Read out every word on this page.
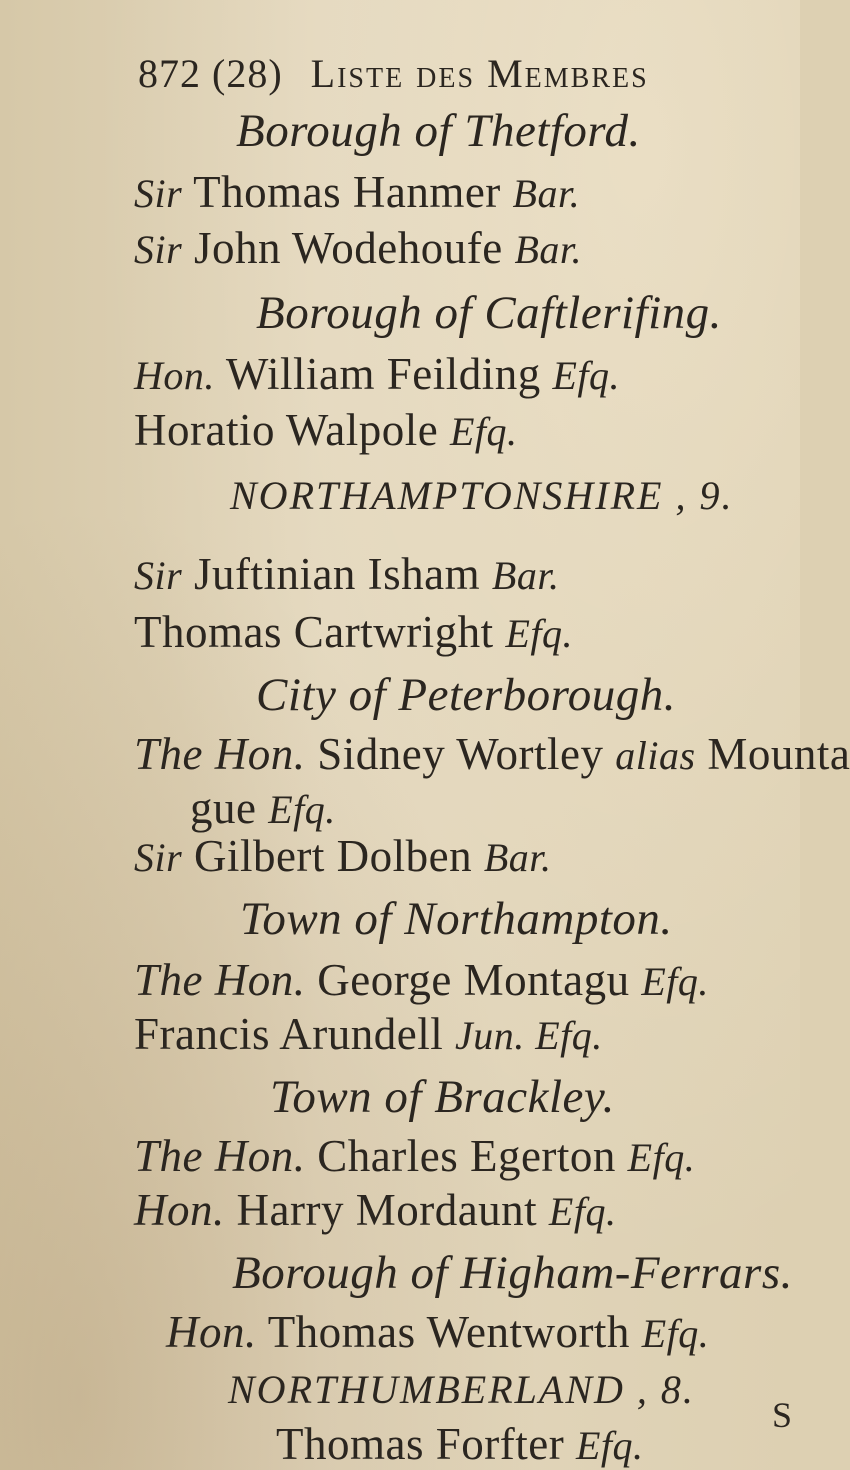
872 (28) Liste des Membres
Borough of Thetford.
Sir Thomas Hanmer Bar.
Sir John Wodehoufe Bar.
Borough of Caftlerifing.
Hon. William Feilding Efq.
Horatio Walpole Efq.
NORTHAMPTONSHIRE , 9.
Sir Juftinian Isham Bar.
Thomas Cartwright Efq.
City of Peterborough.
The Hon. Sidney Wortley alias Mounta
gue Efq.
Sir Gilbert Dolben Bar.
Town of Northampton.
The Hon. George Montagu Efq.
Francis Arundell Jun. Efq.
Town of Brackley.
The Hon. Charles Egerton Efq.
Hon. Harry Mordaunt Efq.
Borough of Higham-Ferrars.
Hon. Thomas Wentworth Efq.
NORTHUMBERLAND , 8.
Thomas Forfter Efq.
S
